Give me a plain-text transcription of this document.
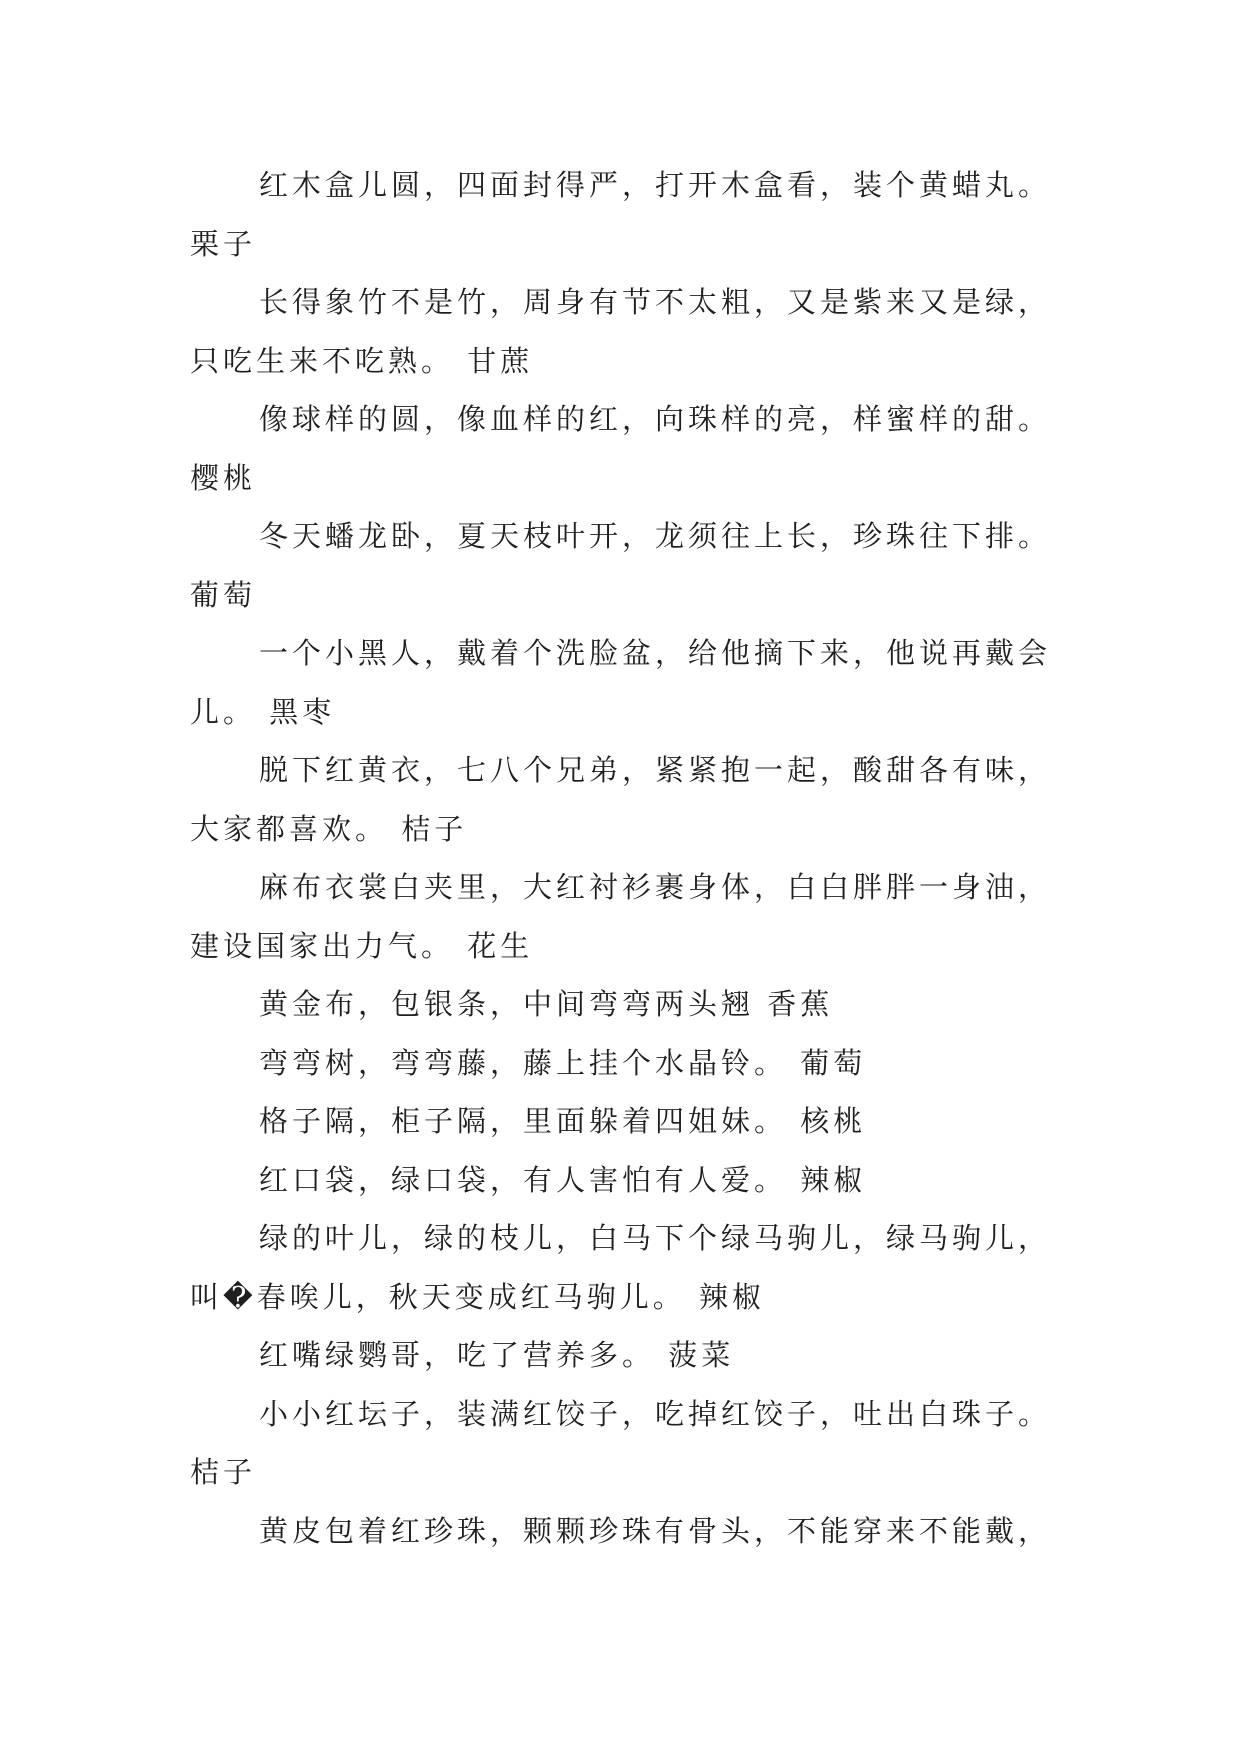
红木盒儿圆，四面封得严，打开木盒看，装个黄蜡丸。栗子

长得象竹不是竹，周身有节不太粗，又是紫来又是绿，只吃生来不吃熟。 甘蔗

像球样的圆，像血样的红，向珠样的亮，样蜜样的甜。樱桃

冬天蟠龙卧，夏天枝叶开，龙须往上长，珍珠往下排。葡萄

一个小黑人，戴着个洗脸盆，给他摘下来，他说再戴会儿。 黑枣

脱下红黄衣，七八个兄弟，紧紧抱一起，酸甜各有味，大家都喜欢。 桔子

麻布衣裳白夹里，大红衬衫裹身体，白白胖胖一身油，建设国家出力气。 花生

黄金布，包银条，中间弯弯两头翘 香蕉

弯弯树，弯弯藤，藤上挂个水晶铃。 葡萄

格子隔，柜子隔，里面躲着四姐妹。 核桃

红口袋，绿口袋，有人害怕有人爱。 辣椒

绿的叶儿，绿的枝儿，白马下个绿马驹儿，绿马驹儿，叫�春唉儿，秋天变成红马驹儿。 辣椒

红嘴绿鹦哥，吃了营养多。 菠菜

小小红坛子，装满红饺子，吃掉红饺子，吐出白珠子。桔子

黄皮包着红珍珠，颗颗珍珠有骨头，不能穿来不能戴，
